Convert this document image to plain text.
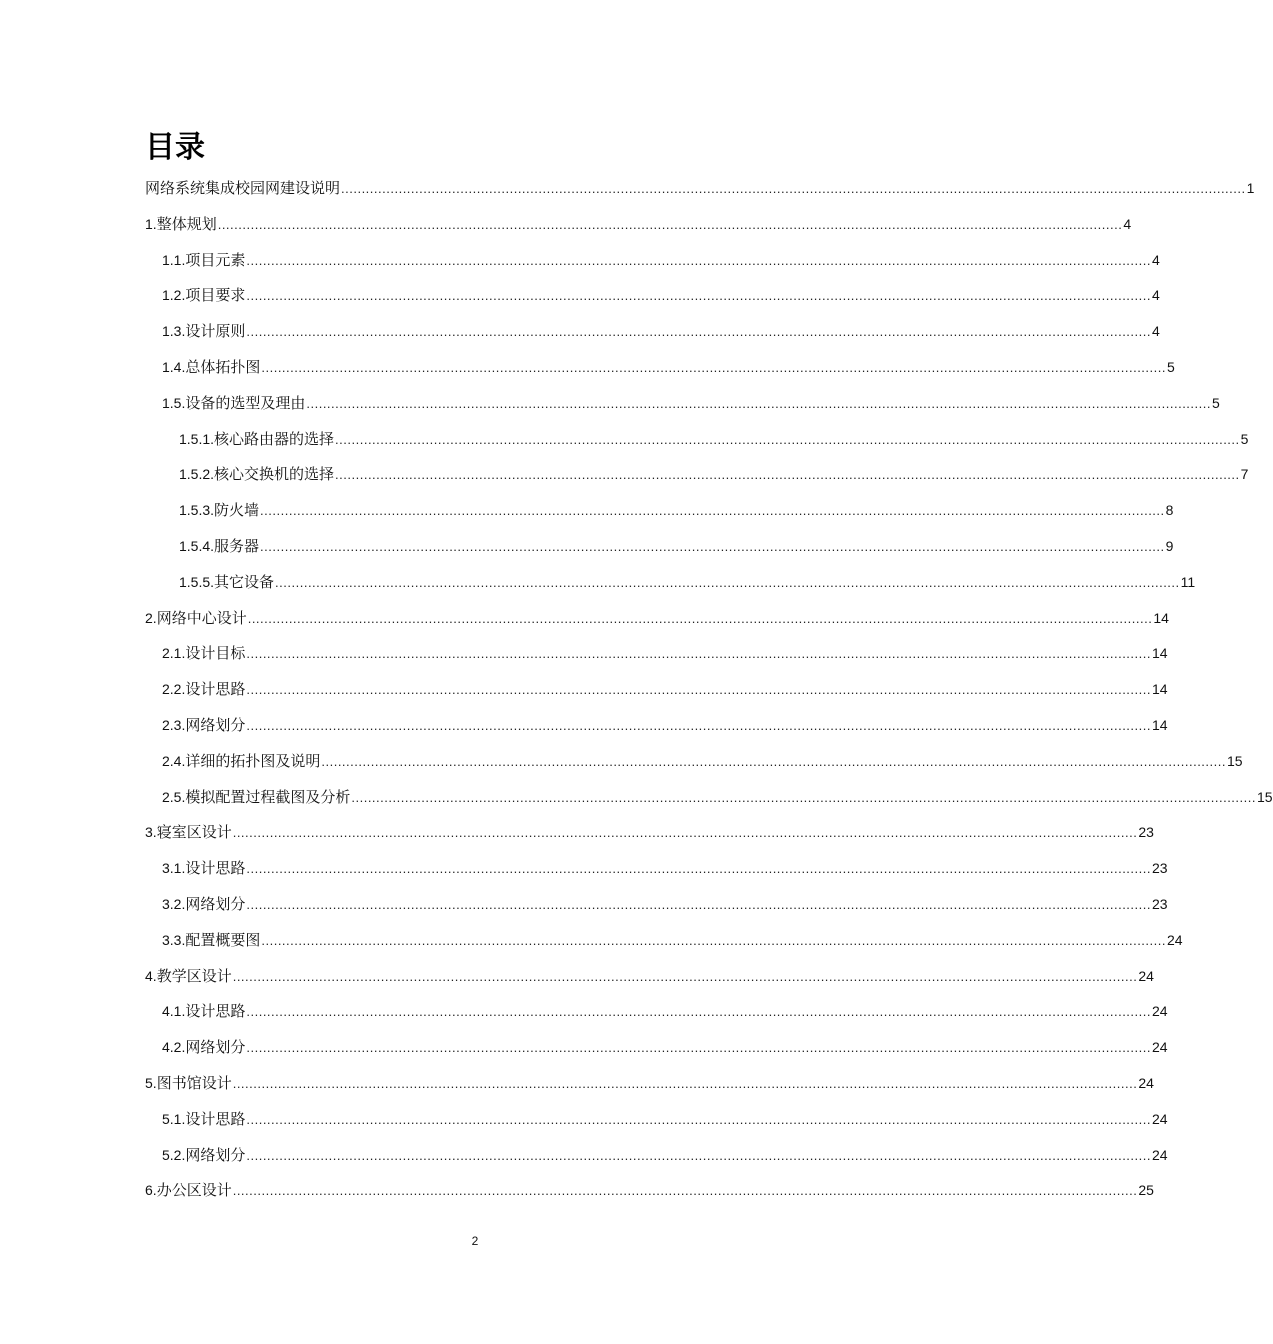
目录
网络系统集成校园网建设说明 ............................................................................................................................................................................................................................ 1
1. 整体规划 ............................................................................................................................................................................................................................ 4
1.1. 项目元素 ............................................................................................................................................................................................................................ 4
1.2. 项目要求 ............................................................................................................................................................................................................................ 4
1.3. 设计原则 ............................................................................................................................................................................................................................ 4
1.4. 总体拓扑图 ............................................................................................................................................................................................................................ 5
1.5. 设备的选型及理由 ............................................................................................................................................................................................................................ 5
1.5.1. 核心路由器的选择 ............................................................................................................................................................................................................................ 5
1.5.2. 核心交换机的选择 ............................................................................................................................................................................................................................ 7
1.5.3. 防火墙 ............................................................................................................................................................................................................................ 8
1.5.4. 服务器 ............................................................................................................................................................................................................................ 9
1.5.5. 其它设备 ............................................................................................................................................................................................................................ 11
2. 网络中心设计 ............................................................................................................................................................................................................................ 14
2.1. 设计目标 ............................................................................................................................................................................................................................ 14
2.2. 设计思路 ............................................................................................................................................................................................................................ 14
2.3. 网络划分 ............................................................................................................................................................................................................................ 14
2.4. 详细的拓扑图及说明 ............................................................................................................................................................................................................................ 15
2.5. 模拟配置过程截图及分析 ............................................................................................................................................................................................................................ 15
3. 寝室区设计 ............................................................................................................................................................................................................................ 23
3.1. 设计思路 ............................................................................................................................................................................................................................ 23
3.2. 网络划分 ............................................................................................................................................................................................................................ 23
3.3. 配置概要图 ............................................................................................................................................................................................................................ 24
4. 教学区设计 ............................................................................................................................................................................................................................ 24
4.1. 设计思路 ............................................................................................................................................................................................................................ 24
4.2. 网络划分 ............................................................................................................................................................................................................................ 24
5. 图书馆设计 ............................................................................................................................................................................................................................ 24
5.1. 设计思路 ............................................................................................................................................................................................................................ 24
5.2. 网络划分 ............................................................................................................................................................................................................................ 24
6. 办公区设计 ............................................................................................................................................................................................................................ 25
2
